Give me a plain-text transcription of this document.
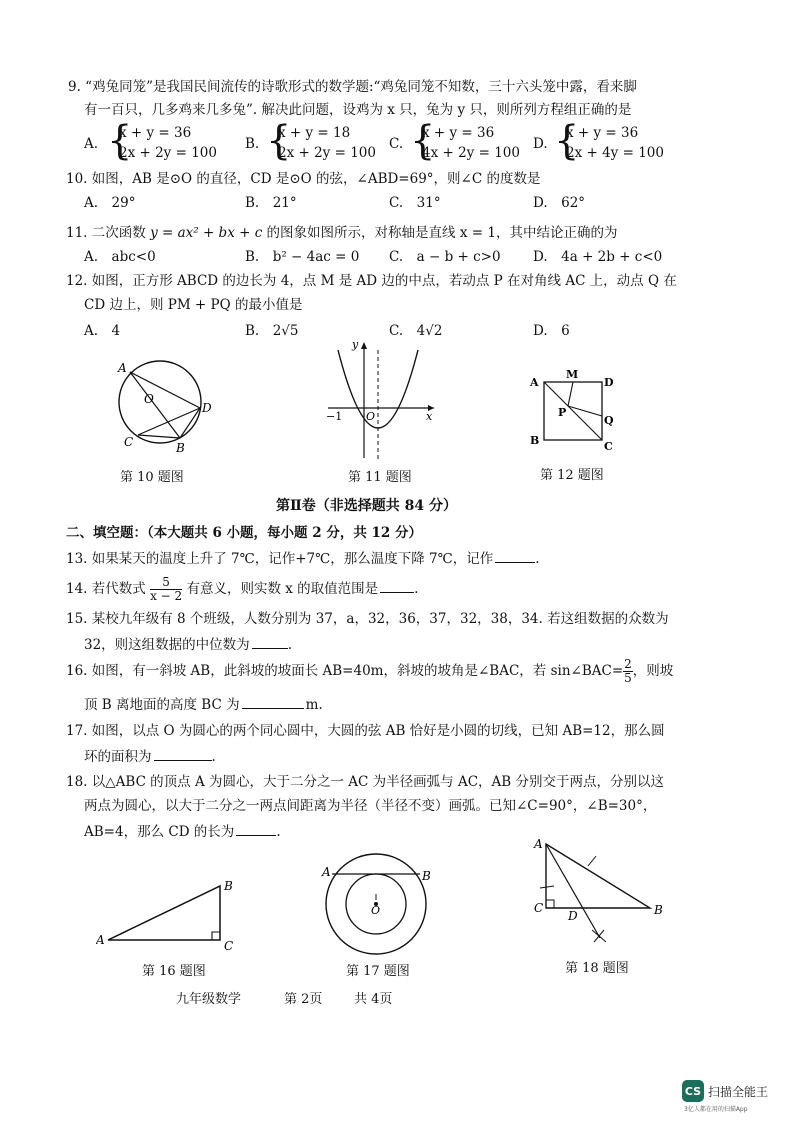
9. “鸡兔同笼”是我国民间流传的诗歌形式的数学题:“鸡兔同笼不知数，三十六头笼中露，看来脚
有一百只，几多鸡来几多兔”. 解决此问题，设鸡为 x 只，兔为 y 只，则所列方程组正确的是
A. {
x + y = 36
2x + 2y = 100
B. {
x + y = 18
2x + 2y = 100
C. {
x + y = 36
4x + 2y = 100
D. {
x + y = 36
2x + 4y = 100
10. 如图，AB 是⊙O 的直径，CD 是⊙O 的弦，∠ABD=69°，则∠C 的度数是
A.　29°	B.　21°	C.　31°	D.　62°
11. 二次函数 y = ax² + bx + c 的图象如图所示，对称轴是直线 x = 1，其中结论正确的为
A.　abc<0	B.　b² − 4ac = 0 C.　a − b + c>0 D.　4a + 2b + c<0
12. 如图，正方形 ABCD 的边长为 4，点 M 是 AD 边的中点，若动点 P 在对角线 AC 上，动点 Q 在
CD 边上，则 PM + PQ 的最小值是
A.　4	B.　2√5	C.　4√2	D.　6
A
O
D
C	B
第 10 题图
y
x
−1 O
第 11 题图
A
M
D
P
Q
B	C
第 12 题图
第Ⅱ卷（非选择题共 84 分）
二、填空题：（本大题共 6 小题，每小题 2 分，共 12 分）
13. 如果某天的温度上升了 7℃，记作+7℃，那么温度下降 7℃，记作	.
14. 若代数式 $\frac{5}{x - 2}$ 有意义，则实数 x 的取值范围是	.
15. 某校九年级有 8 个班级，人数分别为 37，a，32，36，37，32，38，34. 若这组数据的众数为
32，则这组数据的中位数为	.
16. 如图，有一斜坡 AB，此斜坡的坡面长 AB=40m，斜坡的坡角是∠BAC，若 sin∠BAC= $\frac{2}{5}$ ，则坡
顶 B 离地面的高度 BC 为	m.
17. 如图，以点 O 为圆心的两个同心圆中，大圆的弦 AB 恰好是小圆的切线，已知 AB=12，那么圆
环的面积为	.
18. 以△ABC 的顶点 A 为圆心，大于二分之一 AC 为半径画弧与 AC，AB 分别交于两点，分别以这
两点为圆心，以大于二分之一两点间距离为半径（半径不变）画弧。已知∠C=90°，∠B=30°，
AB=4，那么 CD 的长为	.
A
B
C
第 16 题图
A	B
O
第 17 题图
A
C
D	B
第 18 题图
九年级数学	第 2页 共 4页
CS 扫描全能王
3亿人都在用的扫描App
